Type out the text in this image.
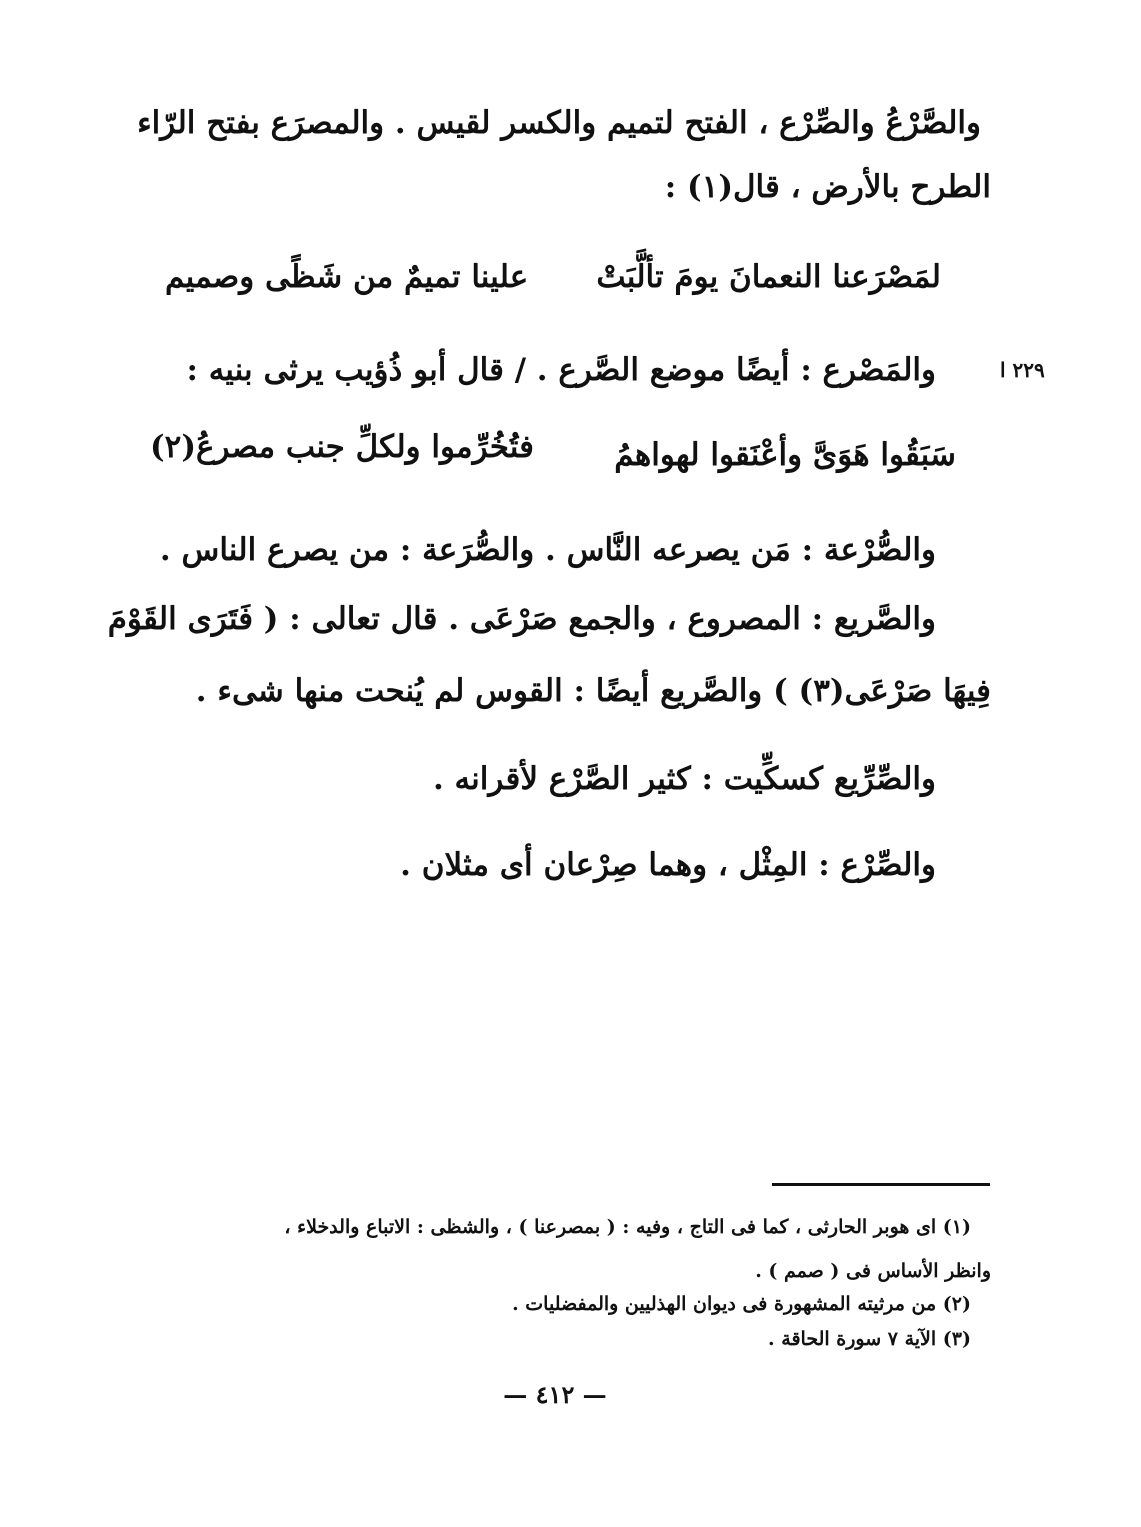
والصَّرْعُ والصِّرْع ، الفتح لتميم والكسر لقيس . والمصرَع بفتح الرّاء
الطرح بالأرض ، قال(١) :
لمَصْرَعنا النعمانَ يومَ تألَّبَتْ
علينا تميمٌ من شَظًى وصميم
٢٢٩ ا
والمَصْرع : أيضًا موضع الصَّرع . / قال أبو ذُؤيب يرثى بنيه :
سَبَقُوا هَوَىَّ وأعْنَقوا لهواهمُ
فتُخُرِّموا ولكلِّ جنب مصرعُ(٢)
والصُّرْعة : مَن يصرعه النَّاس . والصُّرَعة : من يصرع الناس .
والصَّريع : المصروع ، والجمع صَرْعَى . قال تعالى : ( فَتَرَى القَوْمَ
فِيهَا صَرْعَى(٣) ) والصَّريع أيضًا : القوس لم يُنحت منها شىء .
والصِّرِّيع كسكِّيت : كثير الصَّرْع لأقرانه .
والصِّرْع : المِثْل ، وهما صِرْعان أى مثلان .
(١) اى هوبر الحارثى ، كما فى التاج ، وفيه : ( بمصرعنا ) ، والشظى : الاتباع والدخلاء ،
وانظر الأساس فى ( صمم ) .
(٢) من مرثيته المشهورة فى ديوان الهذليين والمفضليات .
(٣) الآية ٧ سورة الحاقة .
— ٤١٢ —
